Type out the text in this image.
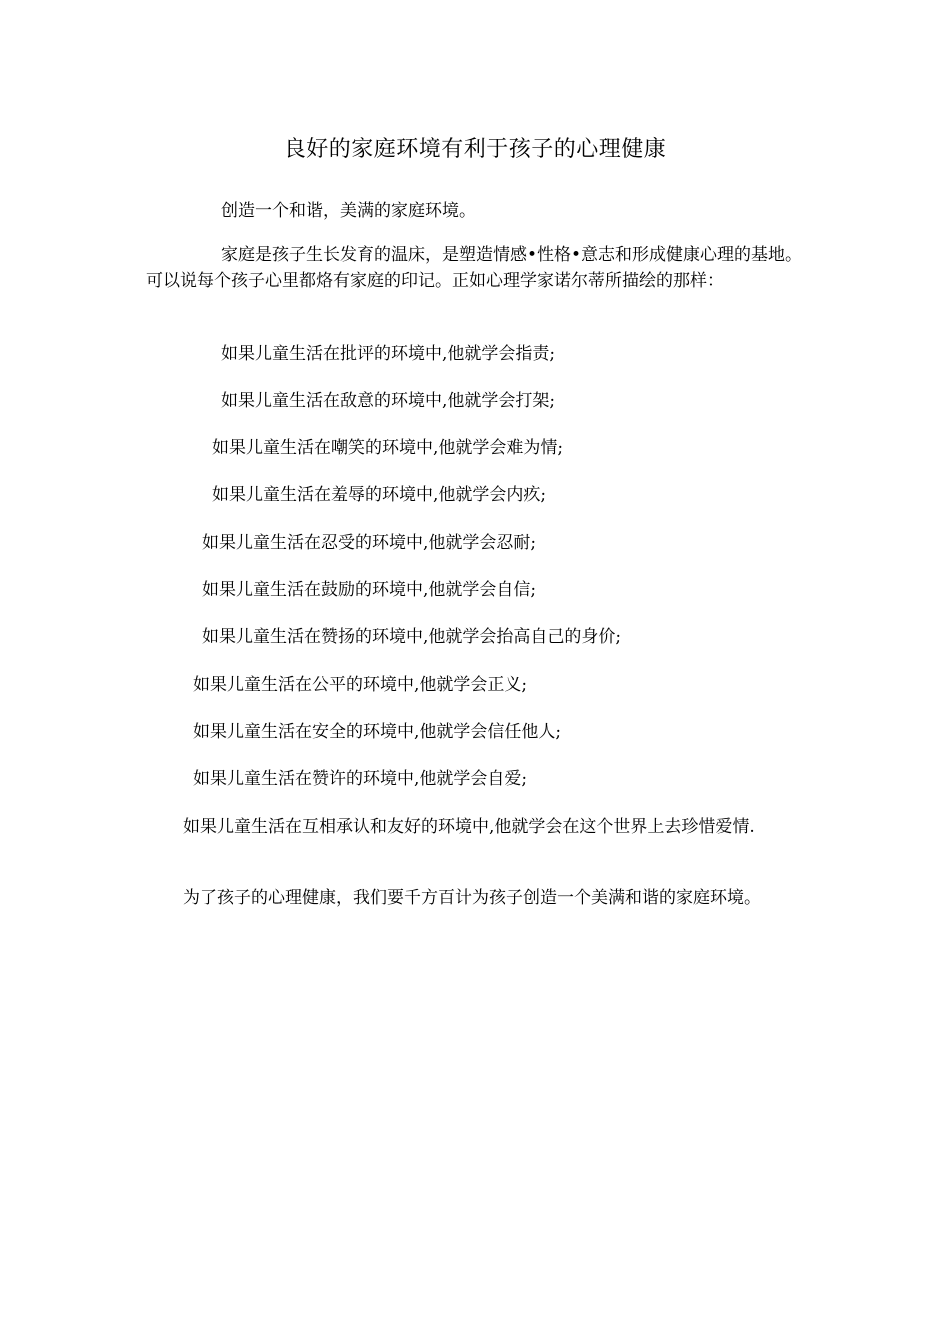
良好的家庭环境有利于孩子的心理健康

创造一个和谐，美满的家庭环境。

家庭是孩子生长发育的温床，是塑造情感•性格•意志和形成健康心理的基地。可以说每个孩子心里都烙有家庭的印记。正如心理学家诺尔蒂所描绘的那样：

如果儿童生活在批评的环境中,他就学会指责;
如果儿童生活在敌意的环境中,他就学会打架;
如果儿童生活在嘲笑的环境中,他就学会难为情;
如果儿童生活在羞辱的环境中,他就学会内疚;
如果儿童生活在忍受的环境中,他就学会忍耐;
如果儿童生活在鼓励的环境中,他就学会自信;
如果儿童生活在赞扬的环境中,他就学会抬高自己的身价;
如果儿童生活在公平的环境中,他就学会正义;
如果儿童生活在安全的环境中,他就学会信任他人;
如果儿童生活在赞许的环境中,他就学会自爱;

如果儿童生活在互相承认和友好的环境中,他就学会在这个世界上去珍惜爱情.

为了孩子的心理健康，我们要千方百计为孩子创造一个美满和谐的家庭环境。
